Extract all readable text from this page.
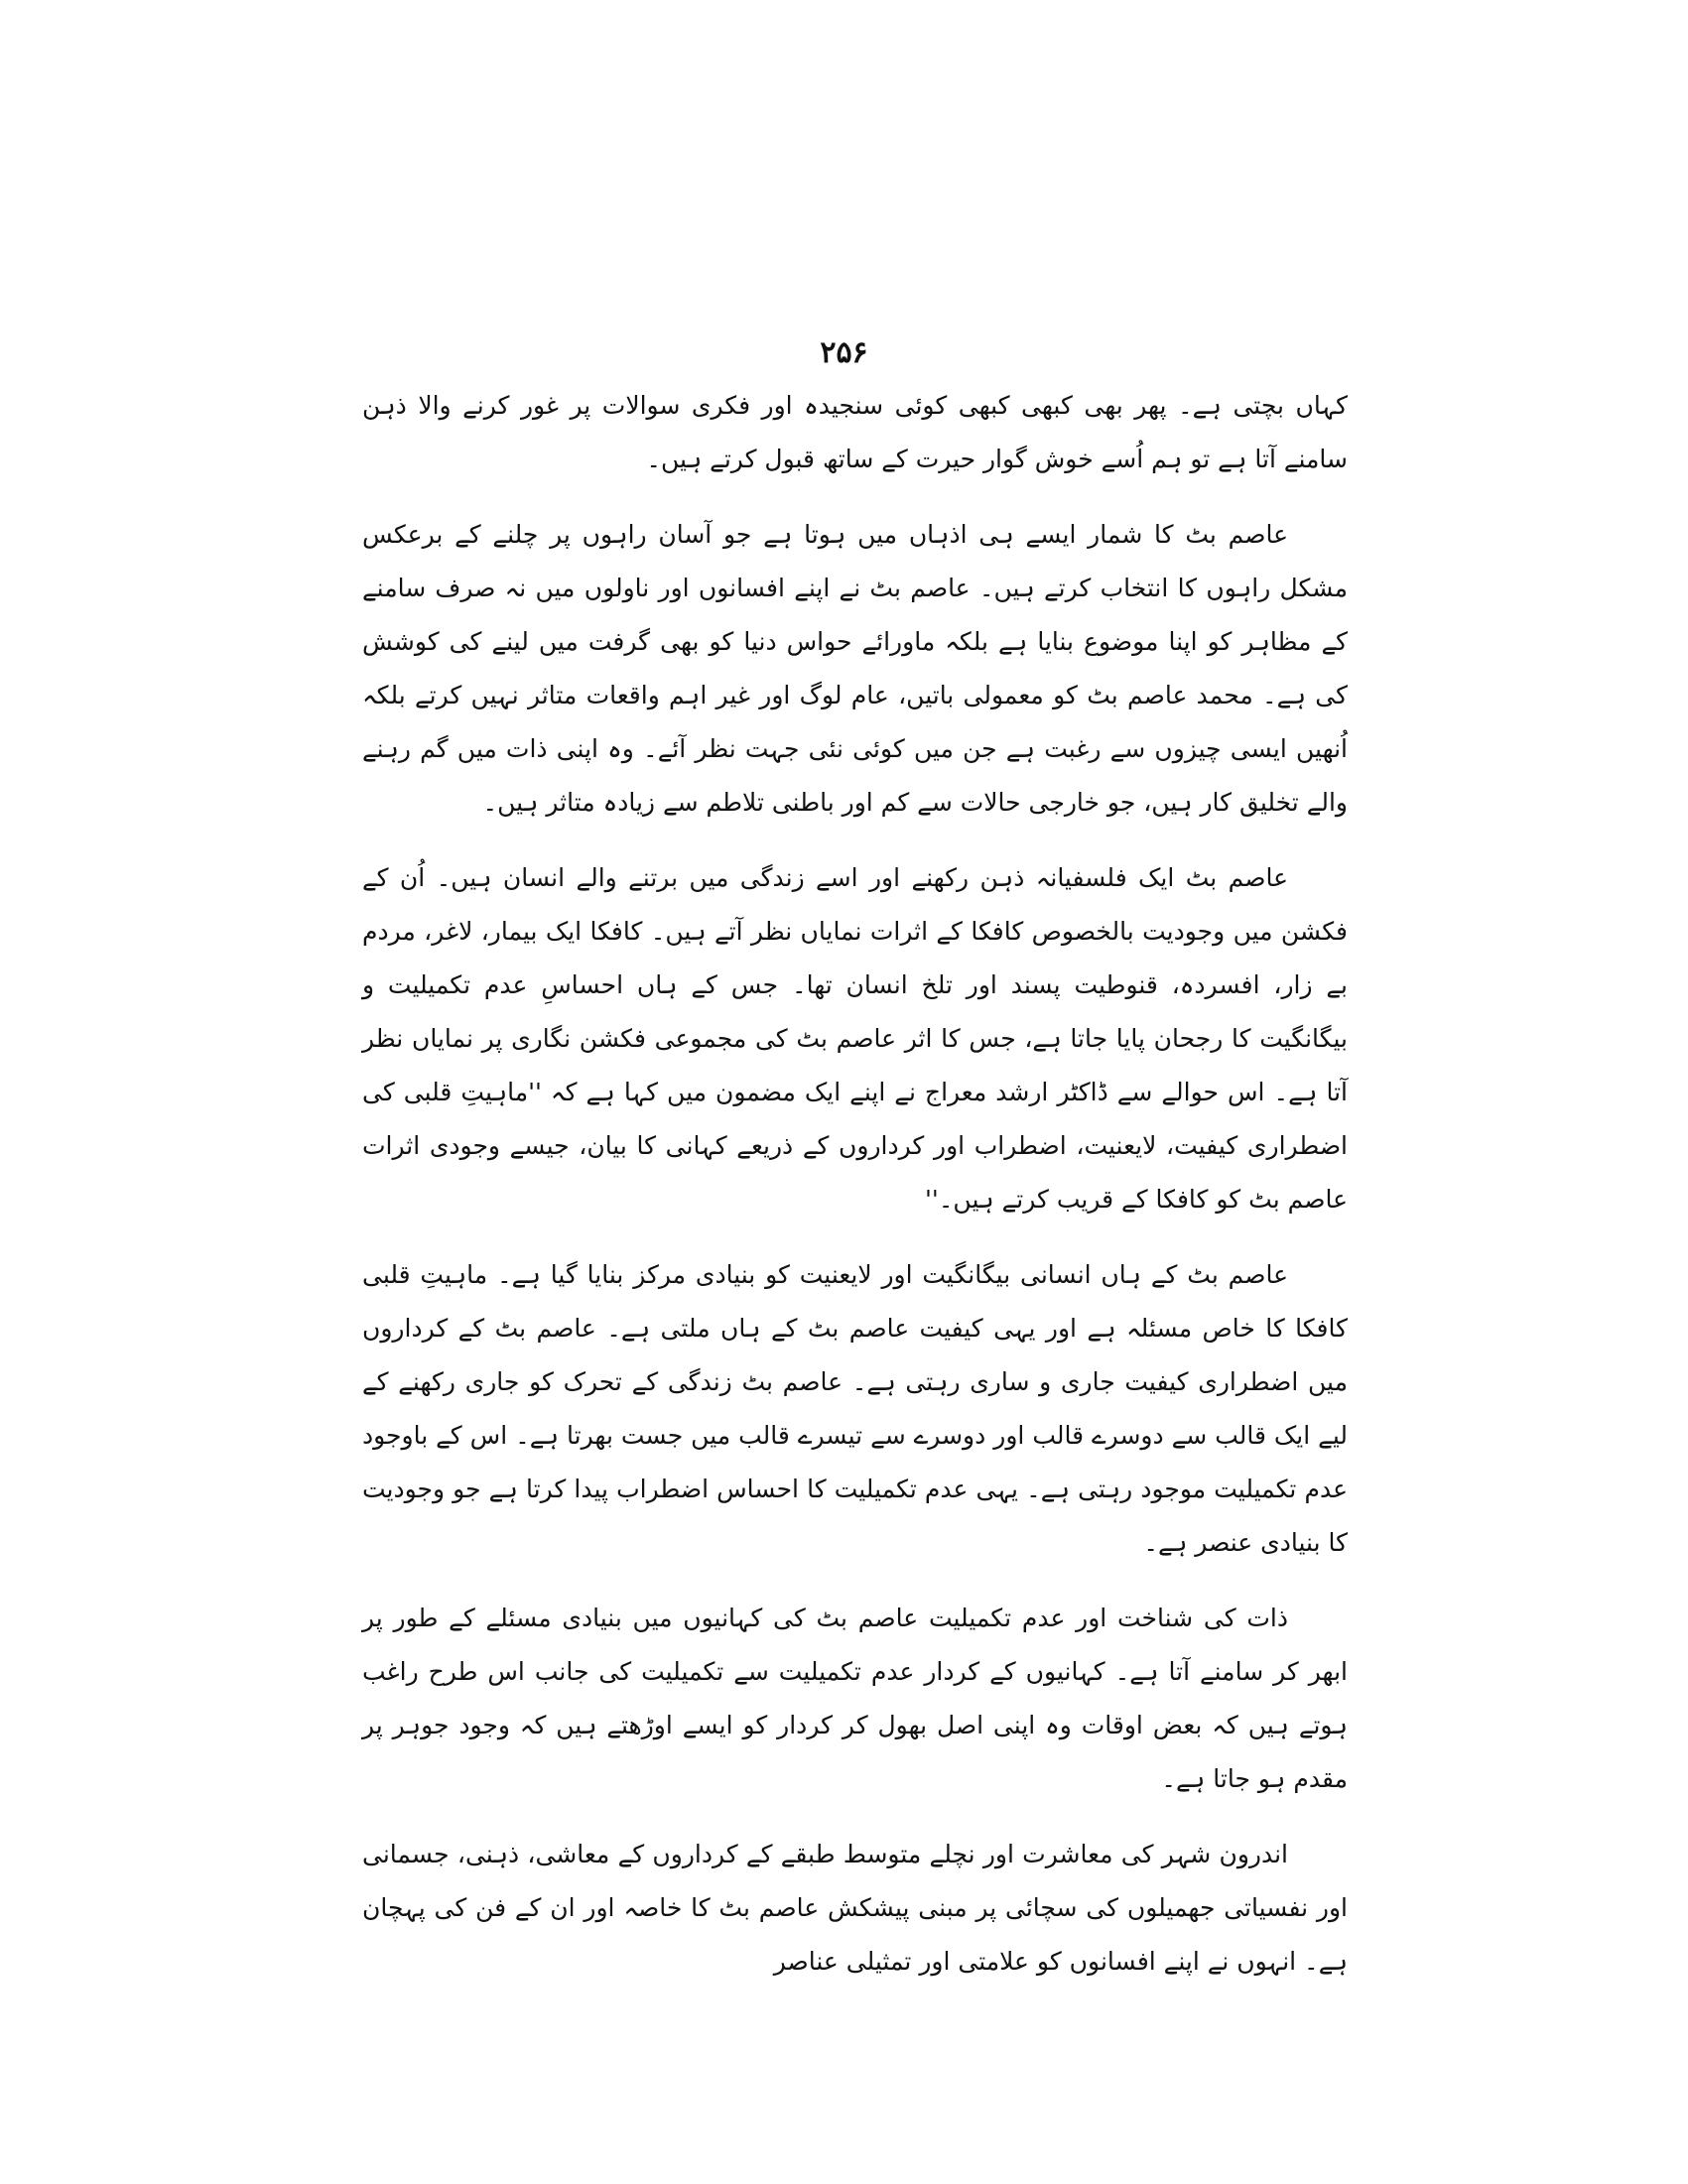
۲۵۶

کہاں بچتی ہے۔ پھر بھی کبھی کبھی کوئی سنجیدہ اور فکری سوالات پر غور کرنے والا ذہن سامنے آتا ہے تو ہم اُسے خوش گوار حیرت کے ساتھ قبول کرتے ہیں۔

عاصم بٹ کا شمار ایسے ہی اذہاں میں ہوتا ہے جو آسان راہوں پر چلنے کے برعکس مشکل راہوں کا انتخاب کرتے ہیں۔ عاصم بٹ نے اپنے افسانوں اور ناولوں میں نہ صرف سامنے کے مظاہر کو اپنا موضوع بنایا ہے بلکہ ماورائے حواس دنیا کو بھی گرفت میں لینے کی کوشش کی ہے۔ محمد عاصم بٹ کو معمولی باتیں، عام لوگ اور غیر اہم واقعات متاثر نہیں کرتے بلکہ اُنھیں ایسی چیزوں سے رغبت ہے جن میں کوئی نئی جہت نظر آئے۔ وہ اپنی ذات میں گم رہنے والے تخلیق کار ہیں، جو خارجی حالات سے کم اور باطنی تلاطم سے زیادہ متاثر ہیں۔

عاصم بٹ ایک فلسفیانہ ذہن رکھنے اور اسے زندگی میں برتنے والے انسان ہیں۔ اُن کے فکشن میں وجودیت بالخصوص کافکا کے اثرات نمایاں نظر آتے ہیں۔ کافکا ایک بیمار، لاغر، مردم بے زار، افسردہ، قنوطیت پسند اور تلخ انسان تھا۔ جس کے ہاں احساسِ عدم تکمیلیت و بیگانگیت کا رجحان پایا جاتا ہے، جس کا اثر عاصم بٹ کی مجموعی فکشن نگاری پر نمایاں نظر آتا ہے۔ اس حوالے سے ڈاکٹر ارشد معراج نے اپنے ایک مضمون میں کہا ہے کہ ''ماہیتِ قلبی کی اضطراری کیفیت، لایعنیت، اضطراب اور کرداروں کے ذریعے کہانی کا بیان، جیسے وجودی اثرات عاصم بٹ کو کافکا کے قریب کرتے ہیں۔''

عاصم بٹ کے ہاں انسانی بیگانگیت اور لایعنیت کو بنیادی مرکز بنایا گیا ہے۔ ماہیتِ قلبی کافکا کا خاص مسئلہ ہے اور یہی کیفیت عاصم بٹ کے ہاں ملتی ہے۔ عاصم بٹ کے کرداروں میں اضطراری کیفیت جاری و ساری رہتی ہے۔ عاصم بٹ زندگی کے تحرک کو جاری رکھنے کے لیے ایک قالب سے دوسرے قالب اور دوسرے سے تیسرے قالب میں جست بھرتا ہے۔ اس کے باوجود عدم تکمیلیت موجود رہتی ہے۔ یہی عدم تکمیلیت کا احساس اضطراب پیدا کرتا ہے جو وجودیت کا بنیادی عنصر ہے۔

ذات کی شناخت اور عدم تکمیلیت عاصم بٹ کی کہانیوں میں بنیادی مسئلے کے طور پر ابھر کر سامنے آتا ہے۔ کہانیوں کے کردار عدم تکمیلیت سے تکمیلیت کی جانب اس طرح راغب ہوتے ہیں کہ بعض اوقات وہ اپنی اصل بھول کر کردار کو ایسے اوڑھتے ہیں کہ وجود جوہر پر مقدم ہو جاتا ہے۔

اندرون شہر کی معاشرت اور نچلے متوسط طبقے کے کرداروں کے معاشی، ذہنی، جسمانی اور نفسیاتی جھمیلوں کی سچائی پر مبنی پیشکش عاصم بٹ کا خاصہ اور ان کے فن کی پہچان ہے۔ انہوں نے اپنے افسانوں کو علامتی اور تمثیلی عناصر
